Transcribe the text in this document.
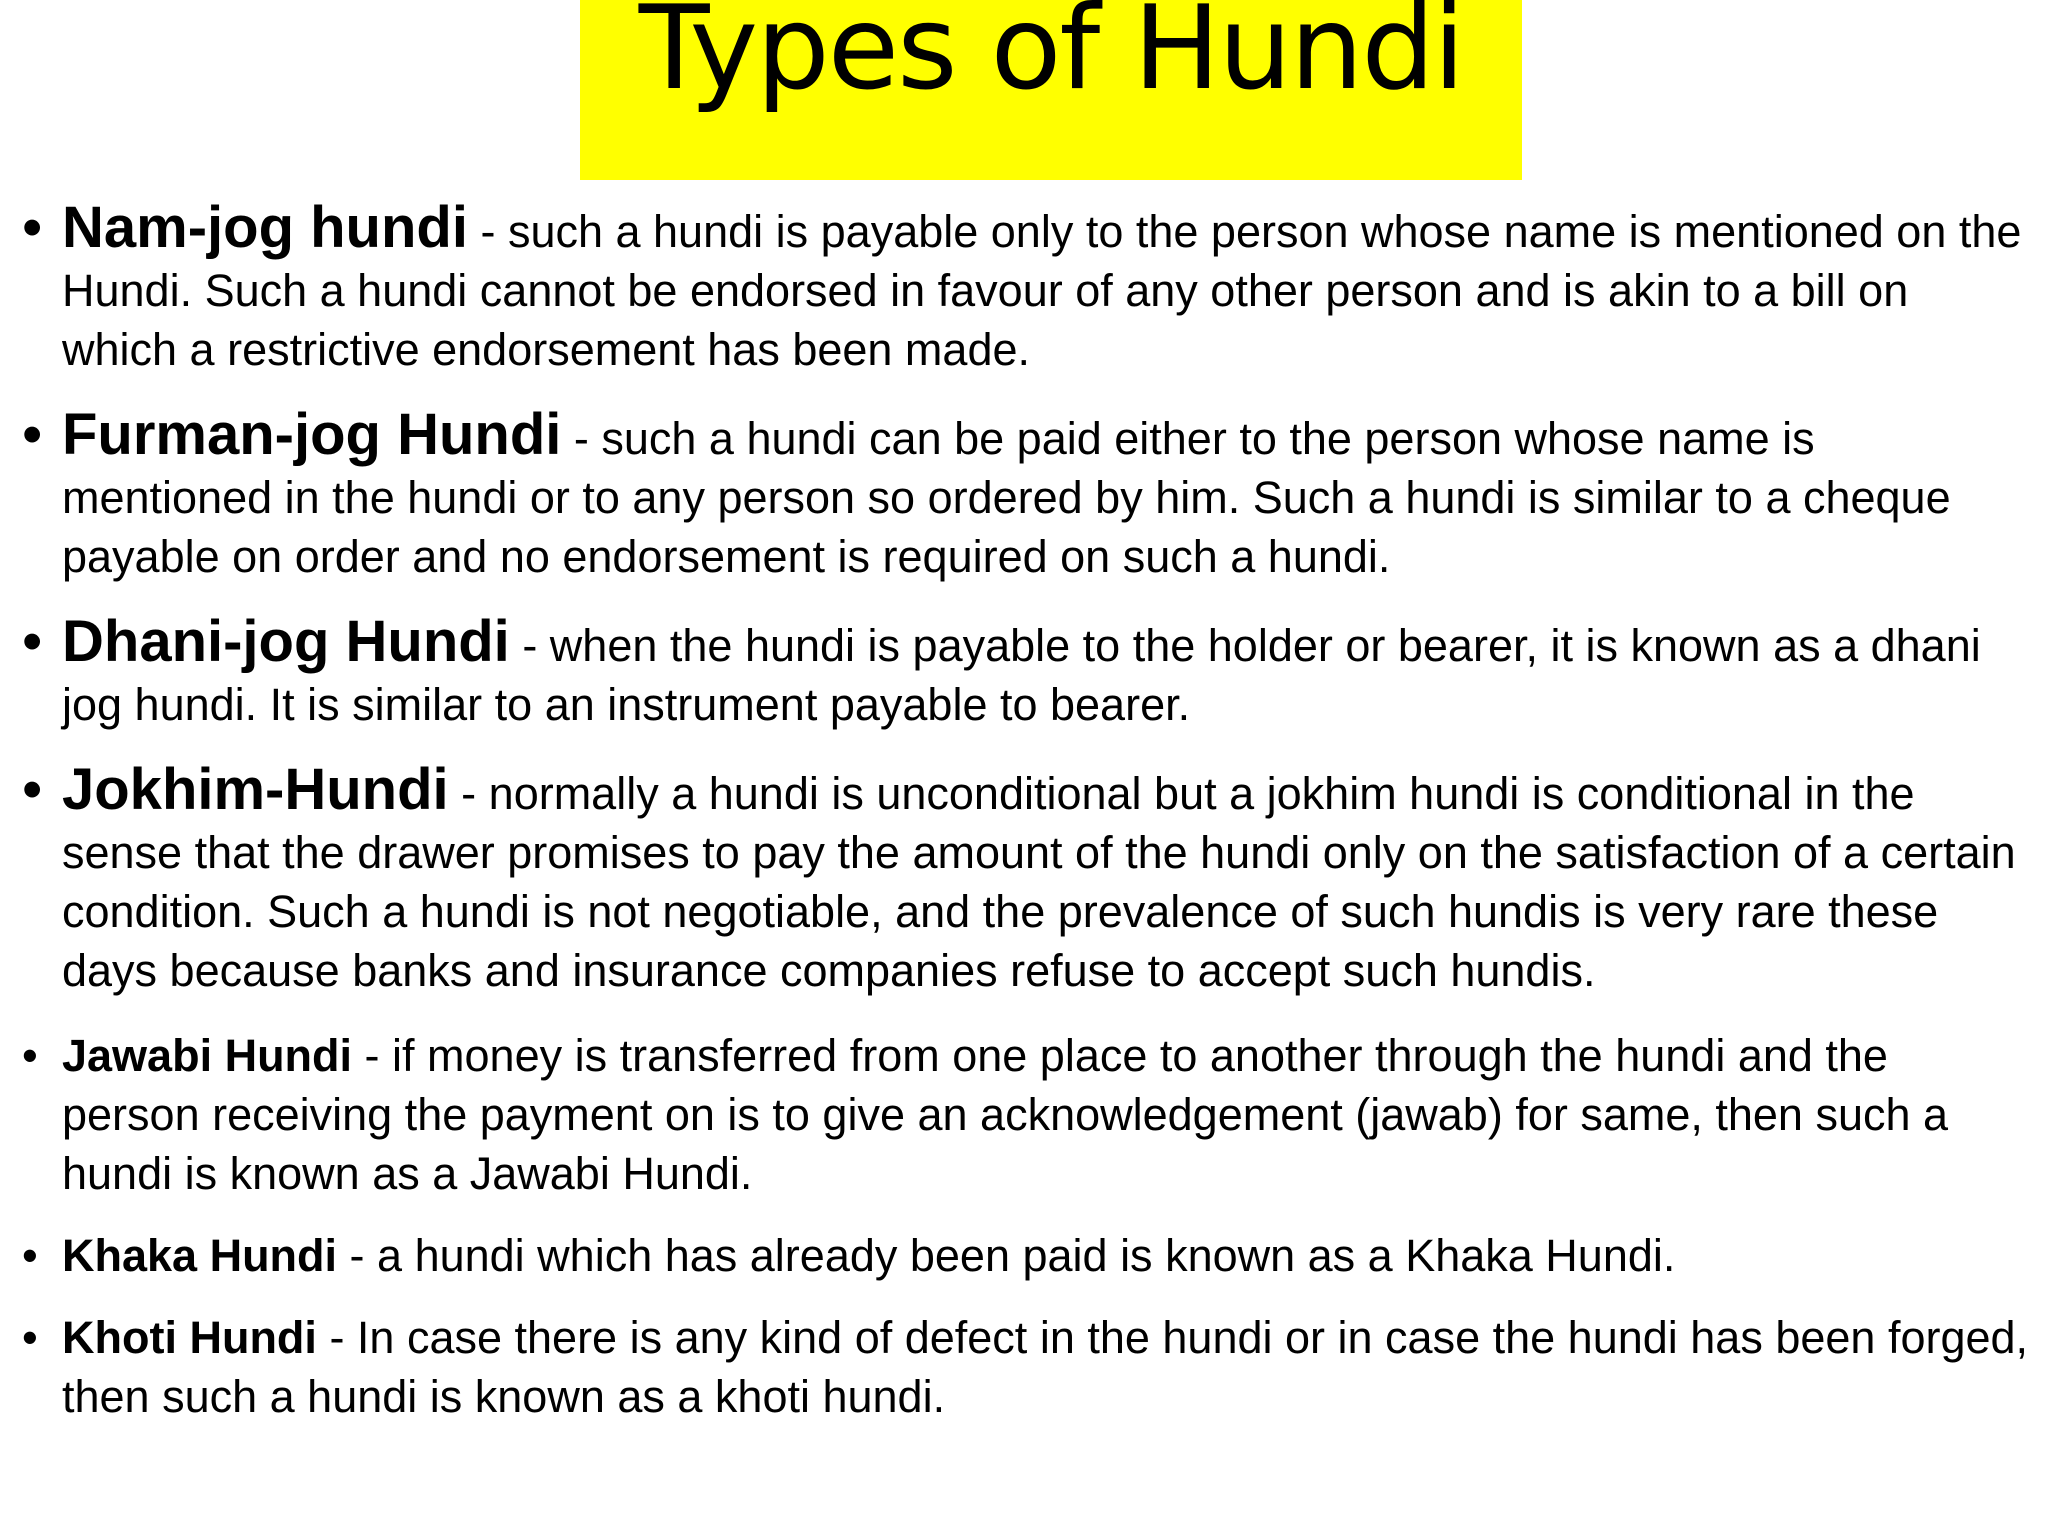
Types of Hundi
• Nam-jog hundi - such a hundi is payable only to the person whose name is mentioned on the Hundi. Such a hundi cannot be endorsed in favour of any other person and is akin to a bill on which a restrictive endorsement has been made.
• Furman-jog Hundi - such a hundi can be paid either to the person whose name is mentioned in the hundi or to any person so ordered by him. Such a hundi is similar to a cheque payable on order and no endorsement is required on such a hundi.
• Dhani-jog Hundi - when the hundi is payable to the holder or bearer, it is known as a dhani jog hundi. It is similar to an instrument payable to bearer.
• Jokhim-Hundi - normally a hundi is unconditional but a jokhim hundi is conditional in the sense that the drawer promises to pay the amount of the hundi only on the satisfaction of a certain condition. Such a hundi is not negotiable, and the prevalence of such hundis is very rare these days because banks and insurance companies refuse to accept such hundis.
• Jawabi Hundi - if money is transferred from one place to another through the hundi and the person receiving the payment on is to give an acknowledgement (jawab) for same, then such a hundi is known as a Jawabi Hundi.
• Khaka Hundi - a hundi which has already been paid is known as a Khaka Hundi.
• Khoti Hundi - In case there is any kind of defect in the hundi or in case the hundi has been forged, then such a hundi is known as a khoti hundi.
